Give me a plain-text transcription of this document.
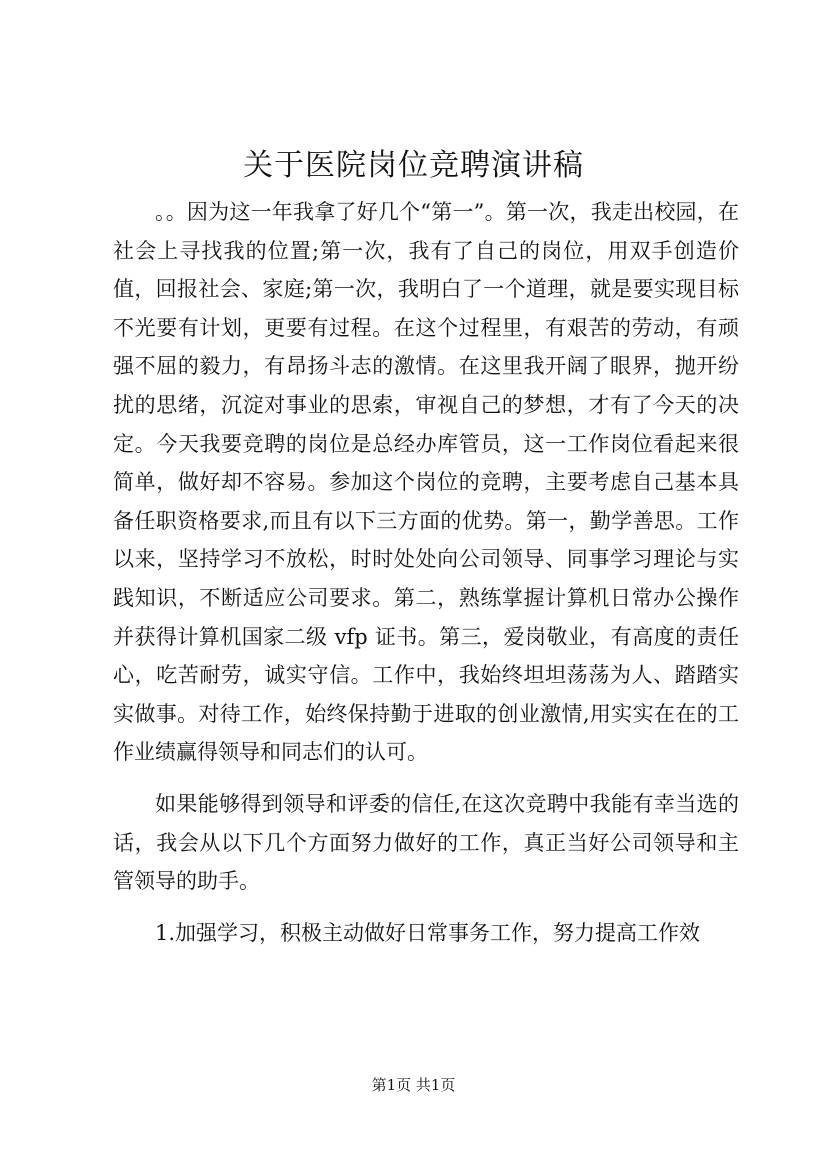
关于医院岗位竞聘演讲稿

。。因为这一年我拿了好几个“第一”。第一次，我走出校园，在社会上寻找我的位置;第一次，我有了自己的岗位，用双手创造价值，回报社会、家庭;第一次，我明白了一个道理，就是要实现目标不光要有计划，更要有过程。在这个过程里，有艰苦的劳动，有顽强不屈的毅力，有昂扬斗志的激情。在这里我开阔了眼界，抛开纷扰的思绪，沉淀对事业的思索，审视自己的梦想，才有了今天的决定。今天我要竞聘的岗位是总经办库管员，这一工作岗位看起来很简单，做好却不容易。参加这个岗位的竞聘，主要考虑自己基本具备任职资格要求,而且有以下三方面的优势。第一，勤学善思。工作以来，坚持学习不放松，时时处处向公司领导、同事学习理论与实践知识，不断适应公司要求。第二，熟练掌握计算机日常办公操作并获得计算机国家二级 vfp 证书。第三，爱岗敬业，有高度的责任心，吃苦耐劳，诚实守信。工作中，我始终坦坦荡荡为人、踏踏实实做事。对待工作，始终保持勤于进取的创业激情,用实实在在的工作业绩赢得领导和同志们的认可。

如果能够得到领导和评委的信任,在这次竞聘中我能有幸当选的话，我会从以下几个方面努力做好的工作，真正当好公司领导和主管领导的助手。

1.加强学习，积极主动做好日常事务工作，努力提高工作效

第1页 共1页
